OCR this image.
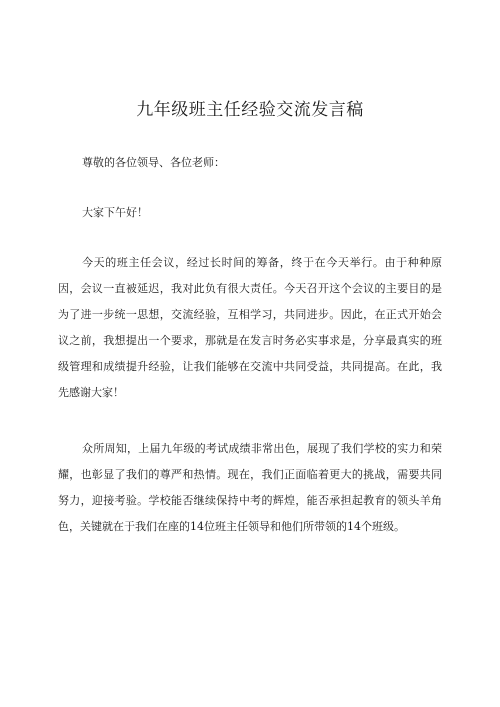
九年级班主任经验交流发言稿

尊敬的各位领导、各位老师：

大家下午好！

今天的班主任会议，经过长时间的筹备，终于在今天举行。由于种种原因，会议一直被延迟，我对此负有很大责任。今天召开这个会议的主要目的是为了进一步统一思想，交流经验，互相学习，共同进步。因此，在正式开始会议之前，我想提出一个要求，那就是在发言时务必实事求是，分享最真实的班级管理和成绩提升经验，让我们能够在交流中共同受益，共同提高。在此，我先感谢大家！

众所周知，上届九年级的考试成绩非常出色，展现了我们学校的实力和荣耀，也彰显了我们的尊严和热情。现在，我们正面临着更大的挑战，需要共同努力，迎接考验。学校能否继续保持中考的辉煌，能否承担起教育的领头羊角色，关键就在于我们在座的14位班主任领导和他们所带领的14个班级。
